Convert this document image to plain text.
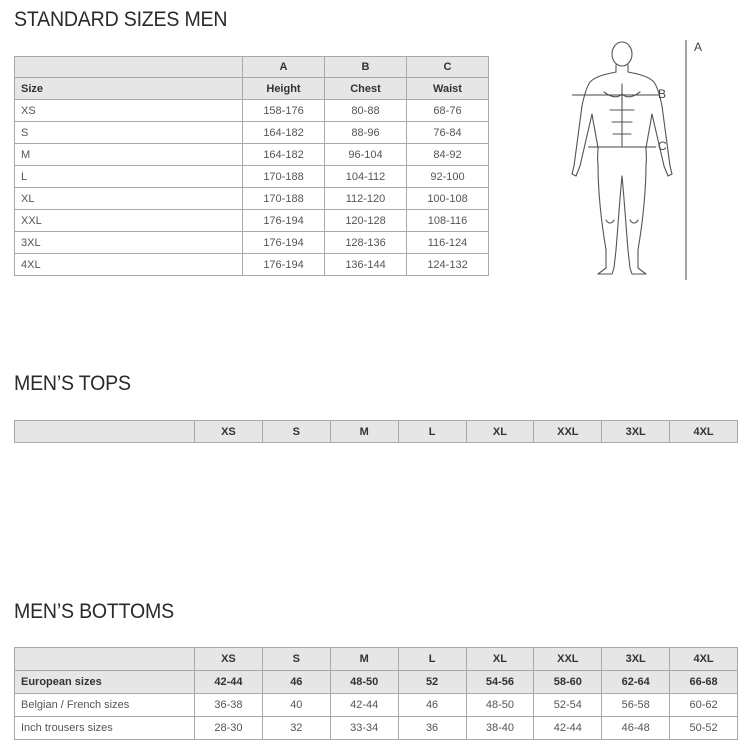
STANDARD SIZES MEN
	A	B	C
Size	Height	Chest	Waist
XS	158-176	80-88	68-76
S	164-182	88-96	76-84
M	164-182	96-104	84-92
L	170-188	104-112	92-100
XL	170-188	112-120	100-108
XXL	176-194	120-128	108-116
3XL	176-194	128-136	116-124
4XL	176-194	136-144	124-132
A
B
C
MEN’S TOPS
	XS	S	M	L	XL	XXL	3XL	4XL
MEN’S BOTTOMS
	XS	S	M	L	XL	XXL	3XL	4XL
European sizes	42-44	46	48-50	52	54-56	58-60	62-64	66-68
Belgian / French sizes	36-38	40	42-44	46	48-50	52-54	56-58	60-62
Inch trousers sizes	28-30	32	33-34	36	38-40	42-44	46-48	50-52
